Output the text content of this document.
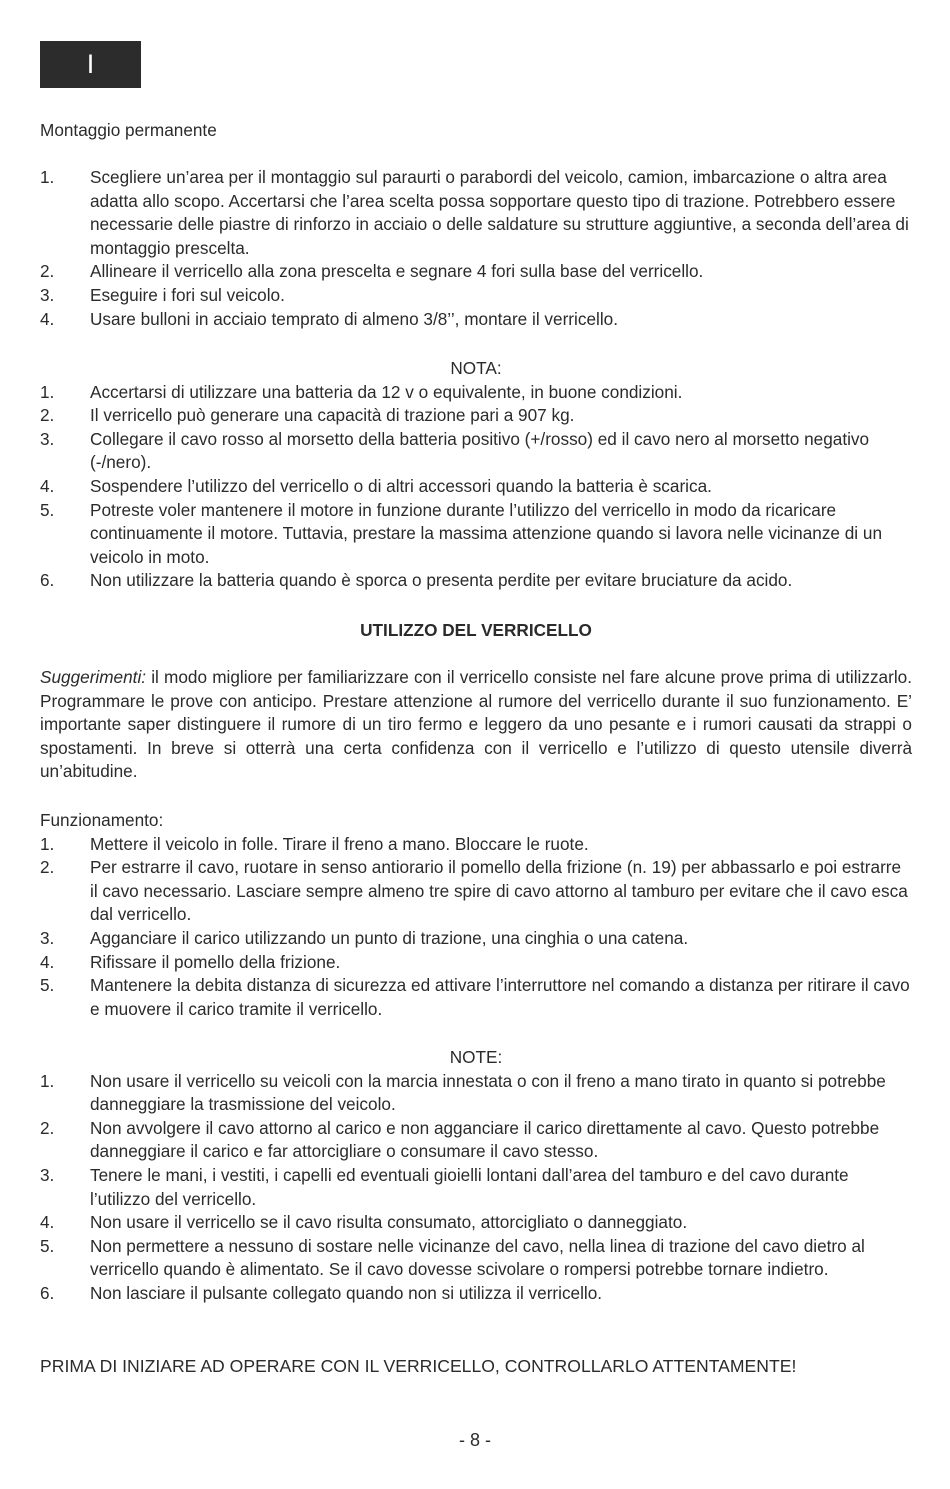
I

Montaggio permanente

1. Scegliere un’area per il montaggio sul paraurti o parabordi del veicolo, camion, imbarcazione o altra area adatta allo scopo. Accertarsi che l’area scelta possa sopportare questo tipo di trazione. Potrebbero essere necessarie delle piastre di rinforzo in acciaio o delle saldature su strutture aggiuntive, a seconda dell’area di montaggio prescelta.
2. Allineare il verricello alla zona prescelta e segnare 4 fori sulla base del verricello.
3. Eseguire i fori sul veicolo.
4. Usare bulloni in acciaio temprato di almeno 3/8’’, montare il verricello.

NOTA:

1. Accertarsi di utilizzare una batteria da 12 v o equivalente, in buone condizioni.
2. Il verricello può generare una capacità di trazione pari a 907 kg.
3. Collegare il cavo rosso al morsetto della batteria positivo (+/rosso) ed il cavo nero al morsetto negativo (-/nero).
4. Sospendere l’utilizzo del verricello o di altri accessori quando la batteria è scarica.
5. Potreste voler mantenere il motore in funzione durante l’utilizzo del verricello in modo da ricaricare continuamente il motore. Tuttavia, prestare la massima attenzione quando si lavora nelle vicinanze di un veicolo in moto.
6. Non utilizzare la batteria quando è sporca o presenta perdite per evitare bruciature da acido.

UTILIZZO DEL VERRICELLO

Suggerimenti: il modo migliore per familiarizzare con il verricello consiste nel fare alcune prove prima di utilizzarlo. Programmare le prove con anticipo. Prestare attenzione al rumore del verricello durante il suo funzionamento. E’ importante saper distinguere il rumore di un tiro fermo e leggero da uno pesante e i rumori causati da strappi o spostamenti. In breve si otterrà una certa confidenza con il verricello e l’utilizzo di questo utensile diverrà un’abitudine.

Funzionamento:

1. Mettere il veicolo in folle. Tirare il freno a mano. Bloccare le ruote.
2. Per estrarre il cavo, ruotare in senso antiorario il pomello della frizione (n. 19) per abbassarlo e poi estrarre il cavo necessario. Lasciare sempre almeno tre spire di cavo attorno al tamburo per evitare che il cavo esca dal verricello.
3. Agganciare il carico utilizzando un punto di trazione, una cinghia o una catena.
4. Rifissare il pomello della frizione.
5. Mantenere la debita distanza di sicurezza ed attivare l’interruttore nel comando a distanza per ritirare il cavo e muovere il carico tramite il verricello.

NOTE:

1. Non usare il verricello su veicoli con la marcia innestata o con il freno a mano tirato in quanto si potrebbe danneggiare la trasmissione del veicolo.
2. Non avvolgere il cavo attorno al carico e non agganciare il carico direttamente al cavo. Questo potrebbe danneggiare il carico e far attorcigliare o consumare il cavo stesso.
3. Tenere le mani, i vestiti, i capelli ed eventuali gioielli lontani dall’area del tamburo e del cavo durante l’utilizzo del verricello.
4. Non usare il verricello se il cavo risulta consumato, attorcigliato o danneggiato.
5. Non permettere a nessuno di sostare nelle vicinanze del cavo, nella linea di trazione del cavo dietro al verricello quando è alimentato. Se il cavo dovesse scivolare o rompersi potrebbe tornare indietro.
6. Non lasciare il pulsante collegato quando non si utilizza il verricello.

PRIMA DI INIZIARE AD OPERARE CON IL VERRICELLO, CONTROLLARLO ATTENTAMENTE!

- 8 -
